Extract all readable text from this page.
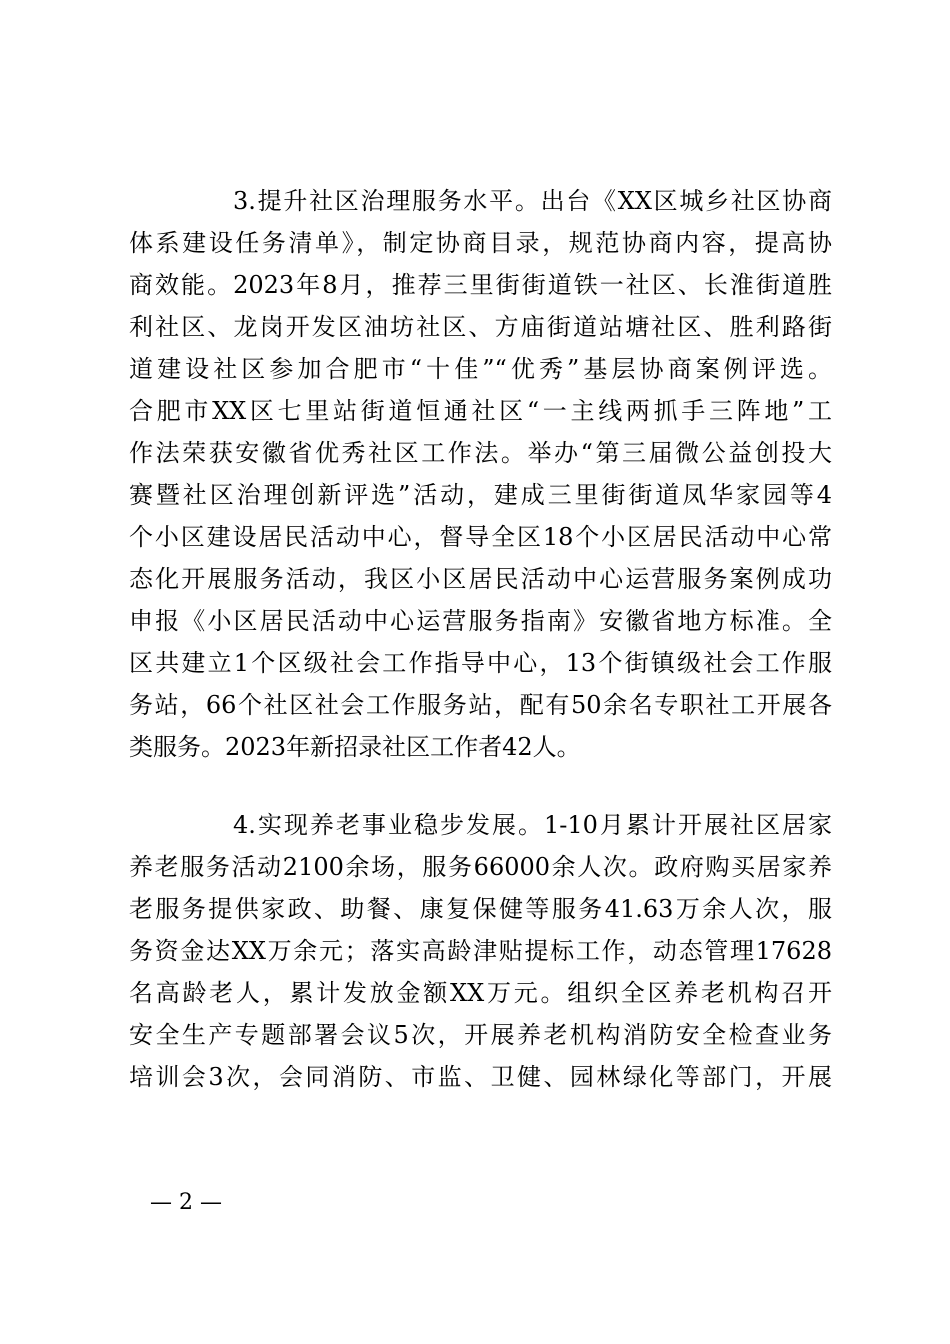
3.提升社区治理服务水平。出台《XX区城乡社区协商
体系建设任务清单》，制定协商目录，规范协商内容，提高协
商效能。2023年8月，推荐三里街街道铁一社区、长淮街道胜
利社区、龙岗开发区油坊社区、方庙街道站塘社区、胜利路街
道建设社区参加合肥市“十佳”“优秀”基层协商案例评选。
合肥市XX区七里站街道恒通社区“一主线两抓手三阵地”工
作法荣获安徽省优秀社区工作法。举办“第三届微公益创投大
赛暨社区治理创新评选”活动，建成三里街街道凤华家园等4
个小区建设居民活动中心，督导全区18个小区居民活动中心常
态化开展服务活动，我区小区居民活动中心运营服务案例成功
申报《小区居民活动中心运营服务指南》安徽省地方标准。全
区共建立1个区级社会工作指导中心，13个街镇级社会工作服
务站，66个社区社会工作服务站，配有50余名专职社工开展各
类服务。2023年新招录社区工作者42人。
4.实现养老事业稳步发展。1-10月累计开展社区居家
养老服务活动2100余场，服务66000余人次。政府购买居家养
老服务提供家政、助餐、康复保健等服务41.63万余人次，服
务资金达XX万余元；落实高龄津贴提标工作，动态管理17628
名高龄老人，累计发放金额XX万元。组织全区养老机构召开
安全生产专题部署会议5次，开展养老机构消防安全检查业务
培训会3次，会同消防、市监、卫健、园林绿化等部门，开展
— 2 —
